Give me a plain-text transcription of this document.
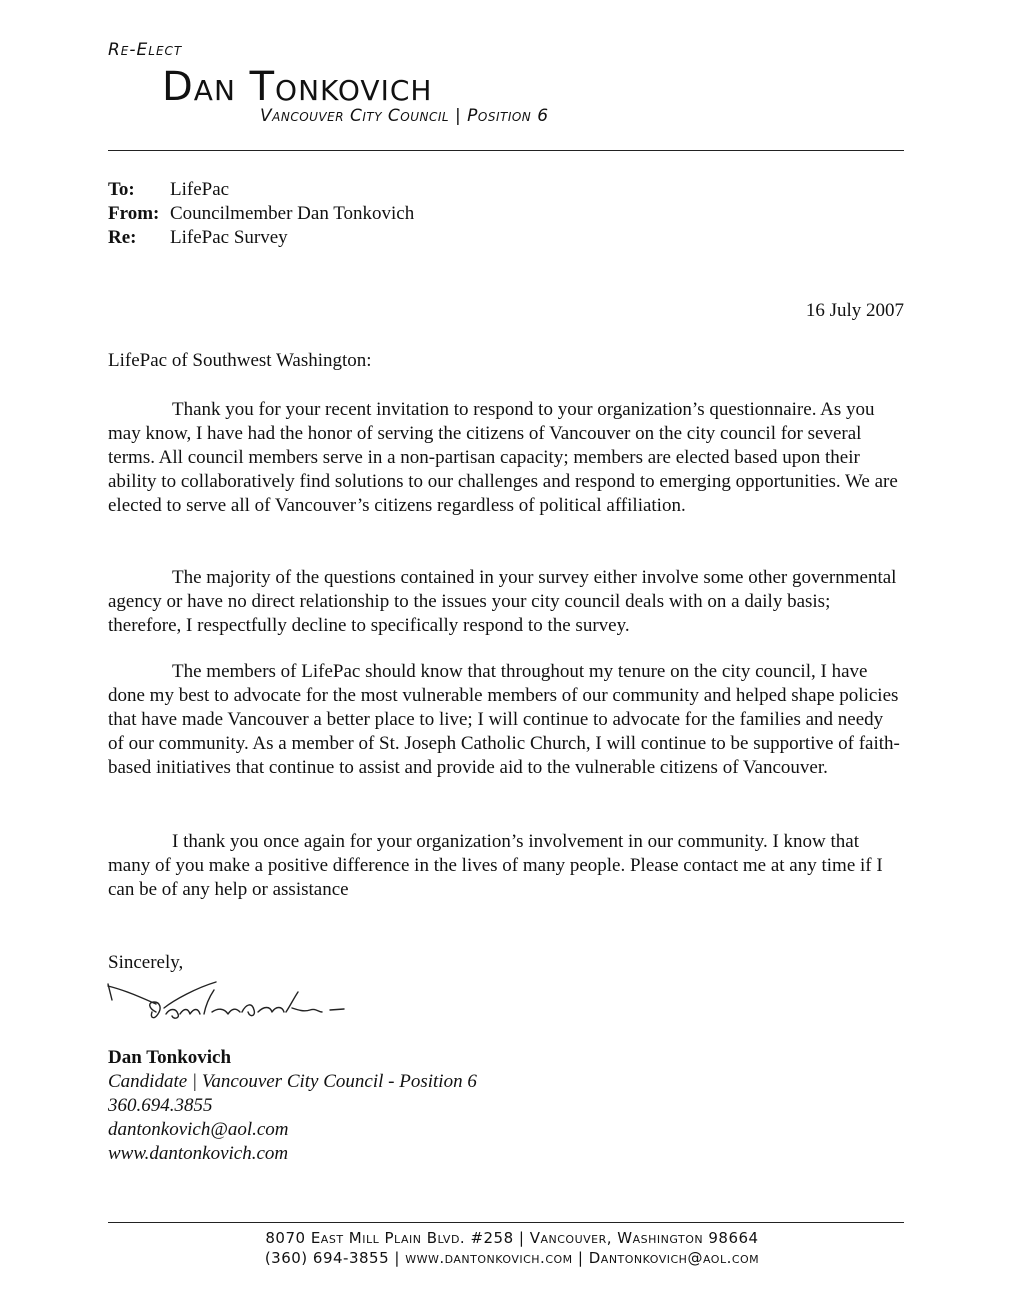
Re-Elect
Dan Tonkovich
Vancouver City Council | Position 6
To: LifePac
From: Councilmember Dan Tonkovich
Re: LifePac Survey
16 July 2007
LifePac of Southwest Washington:

Thank you for your recent invitation to respond to your organization’s questionnaire. As you may know, I have had the honor of serving the citizens of Vancouver on the city council for several terms. All council members serve in a non-partisan capacity; members are elected based upon their ability to collaboratively find solutions to our challenges and respond to emerging opportunities. We are elected to serve all of Vancouver’s citizens regardless of political affiliation.

The majority of the questions contained in your survey either involve some other governmental agency or have no direct relationship to the issues your city council deals with on a daily basis; therefore, I respectfully decline to specifically respond to the survey.

The members of LifePac should know that throughout my tenure on the city council, I have done my best to advocate for the most vulnerable members of our community and helped shape policies that have made Vancouver a better place to live; I will continue to advocate for the families and needy of our community. As a member of St. Joseph Catholic Church, I will continue to be supportive of faith-based initiatives that continue to assist and provide aid to the vulnerable citizens of Vancouver.

I thank you once again for your organization’s involvement in our community. I know that many of you make a positive difference in the lives of many people. Please contact me at any time if I can be of any help or assistance

Sincerely,
Dan Tonkovich
Candidate | Vancouver City Council - Position 6
360.694.3855
dantonkovich@aol.com
www.dantonkovich.com
8070 East Mill Plain Blvd. #258 | Vancouver, Washington 98664
(360) 694-3855 | www.dantonkovich.com | Dantonkovich@aol.com
